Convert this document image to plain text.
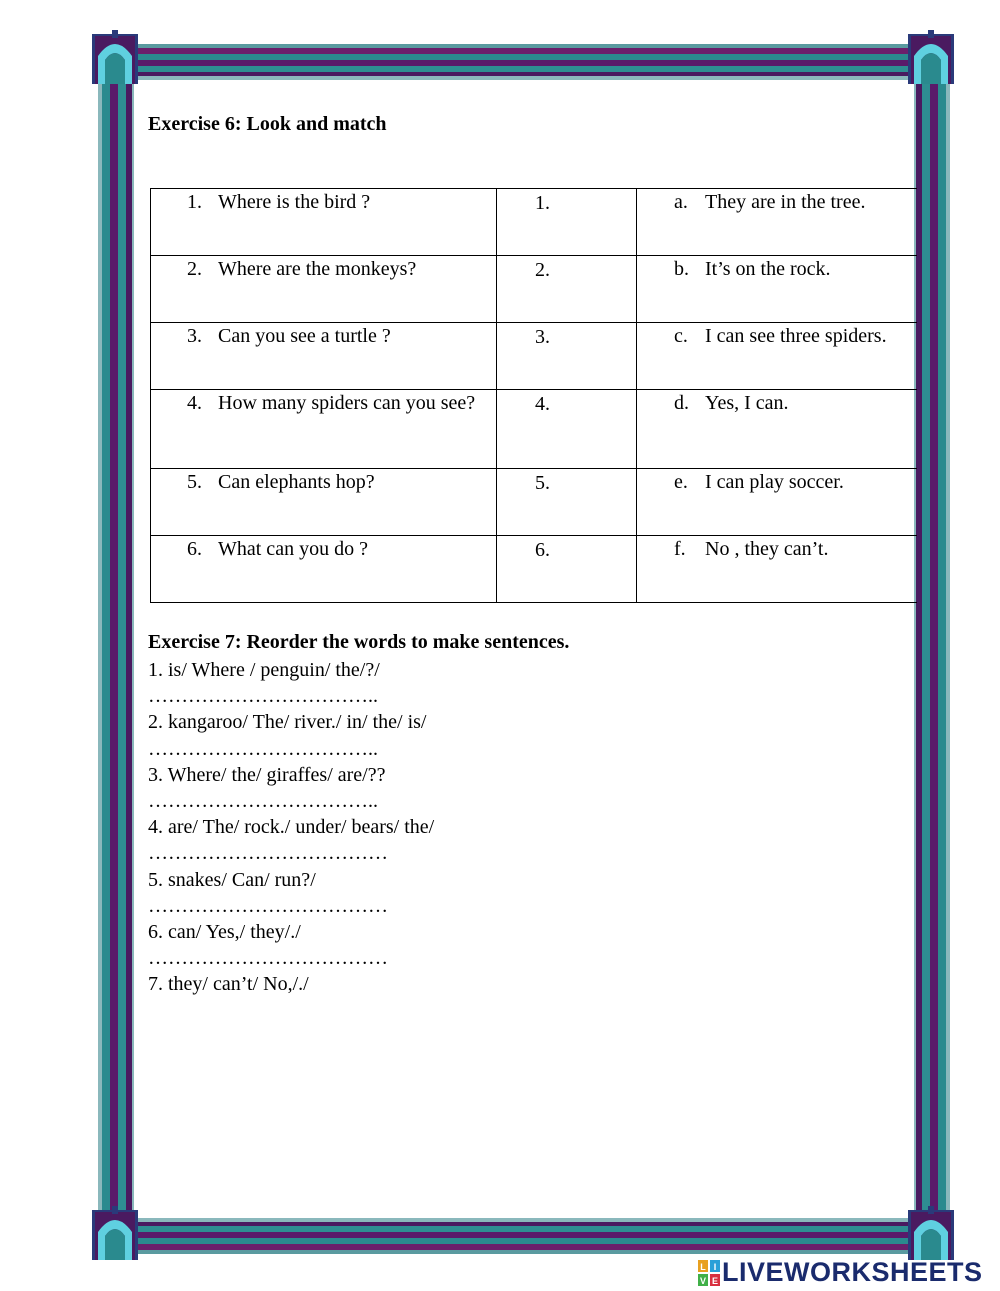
Exercise 6: Look and match
1. Where is the bird ?	1.	a. They are in the tree.

2. Where are the monkeys?	2.	b. It’s on the rock.

3. Can you see a turtle ?	3.	c. I can see three spiders.

4. How many spiders can you see?	4.	d. Yes, I can.

5. Can elephants hop?	5.	e. I can play soccer.

6. What can you do ?	6.	f. No , they can’t.
Exercise 7: Reorder the words to make sentences.
1. is/ Where / penguin/ the/?/
……………………………..
2. kangaroo/ The/ river./ in/ the/ is/
……………………………..
3. Where/ the/ giraffes/ are/??
……………………………..
4. are/ The/ rock./ under/ bears/ the/
………………………………
5. snakes/ Can/ run?/
………………………………
6. can/ Yes,/ they/./
………………………………
7. they/ can’t/ No,/./
L I
V E LIVEWORKSHEETS
